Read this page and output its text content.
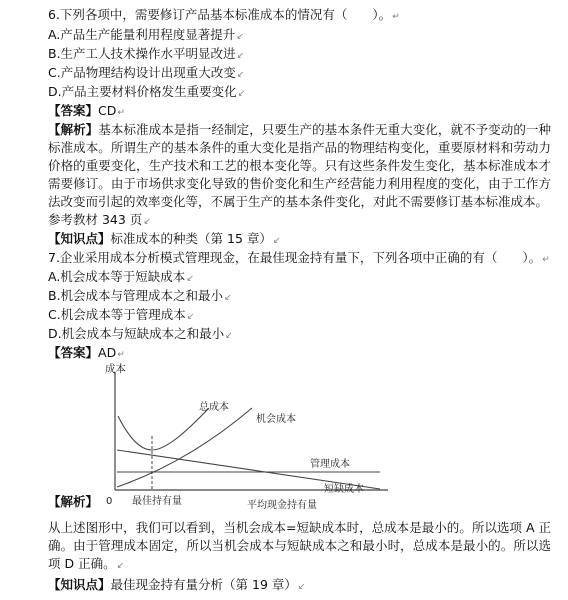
6.下列各项中，需要修订产品基本标准成本的情况有（　　）。↵

A.产品生产能量利用程度显著提升↙

B.生产工人技术操作水平明显改进↙

C.产品物理结构设计出现重大改变↙

D.产品主要材料价格发生重要变化↙

【答案】CD↵

【解析】基本标准成本是指一经制定，只要生产的基本条件无重大变化，就不予变动的一种标准成本。所谓生产的基本条件的重大变化是指产品的物理结构变化，重要原材料和劳动力价格的重要变化，生产技术和工艺的根本变化等。只有这些条件发生变化，基本标准成本才需要修订。由于市场供求变化导致的售价变化和生产经营能力利用程度的变化，由于工作方法改变而引起的效率变化等，不属于生产的基本条件变化，对此不需要修订基本标准成本。

参考教材 343 页↙

【知识点】标准成本的种类（第 15 章）↙

7.企业采用成本分析模式管理现金，在最佳现金持有量下，下列各项中正确的有（　　）。↵

A.机会成本等于短缺成本↙

B.机会成本与管理成本之和最小↙

C.机会成本等于管理成本↙

D.机会成本与短缺成本之和最小↙

【答案】AD↵

成本
0
总成本
机会成本
管理成本
短缺成本
最佳持有量	平均现金持有量

【解析】

从上述图形中，我们可以看到，当机会成本=短缺成本时，总成本是最小的。所以选项 A 正确。由于管理成本固定，所以当机会成本与短缺成本之和最小时，总成本是最小的。所以选项 D 正确。↙

【知识点】最佳现金持有量分析（第 19 章）↙
